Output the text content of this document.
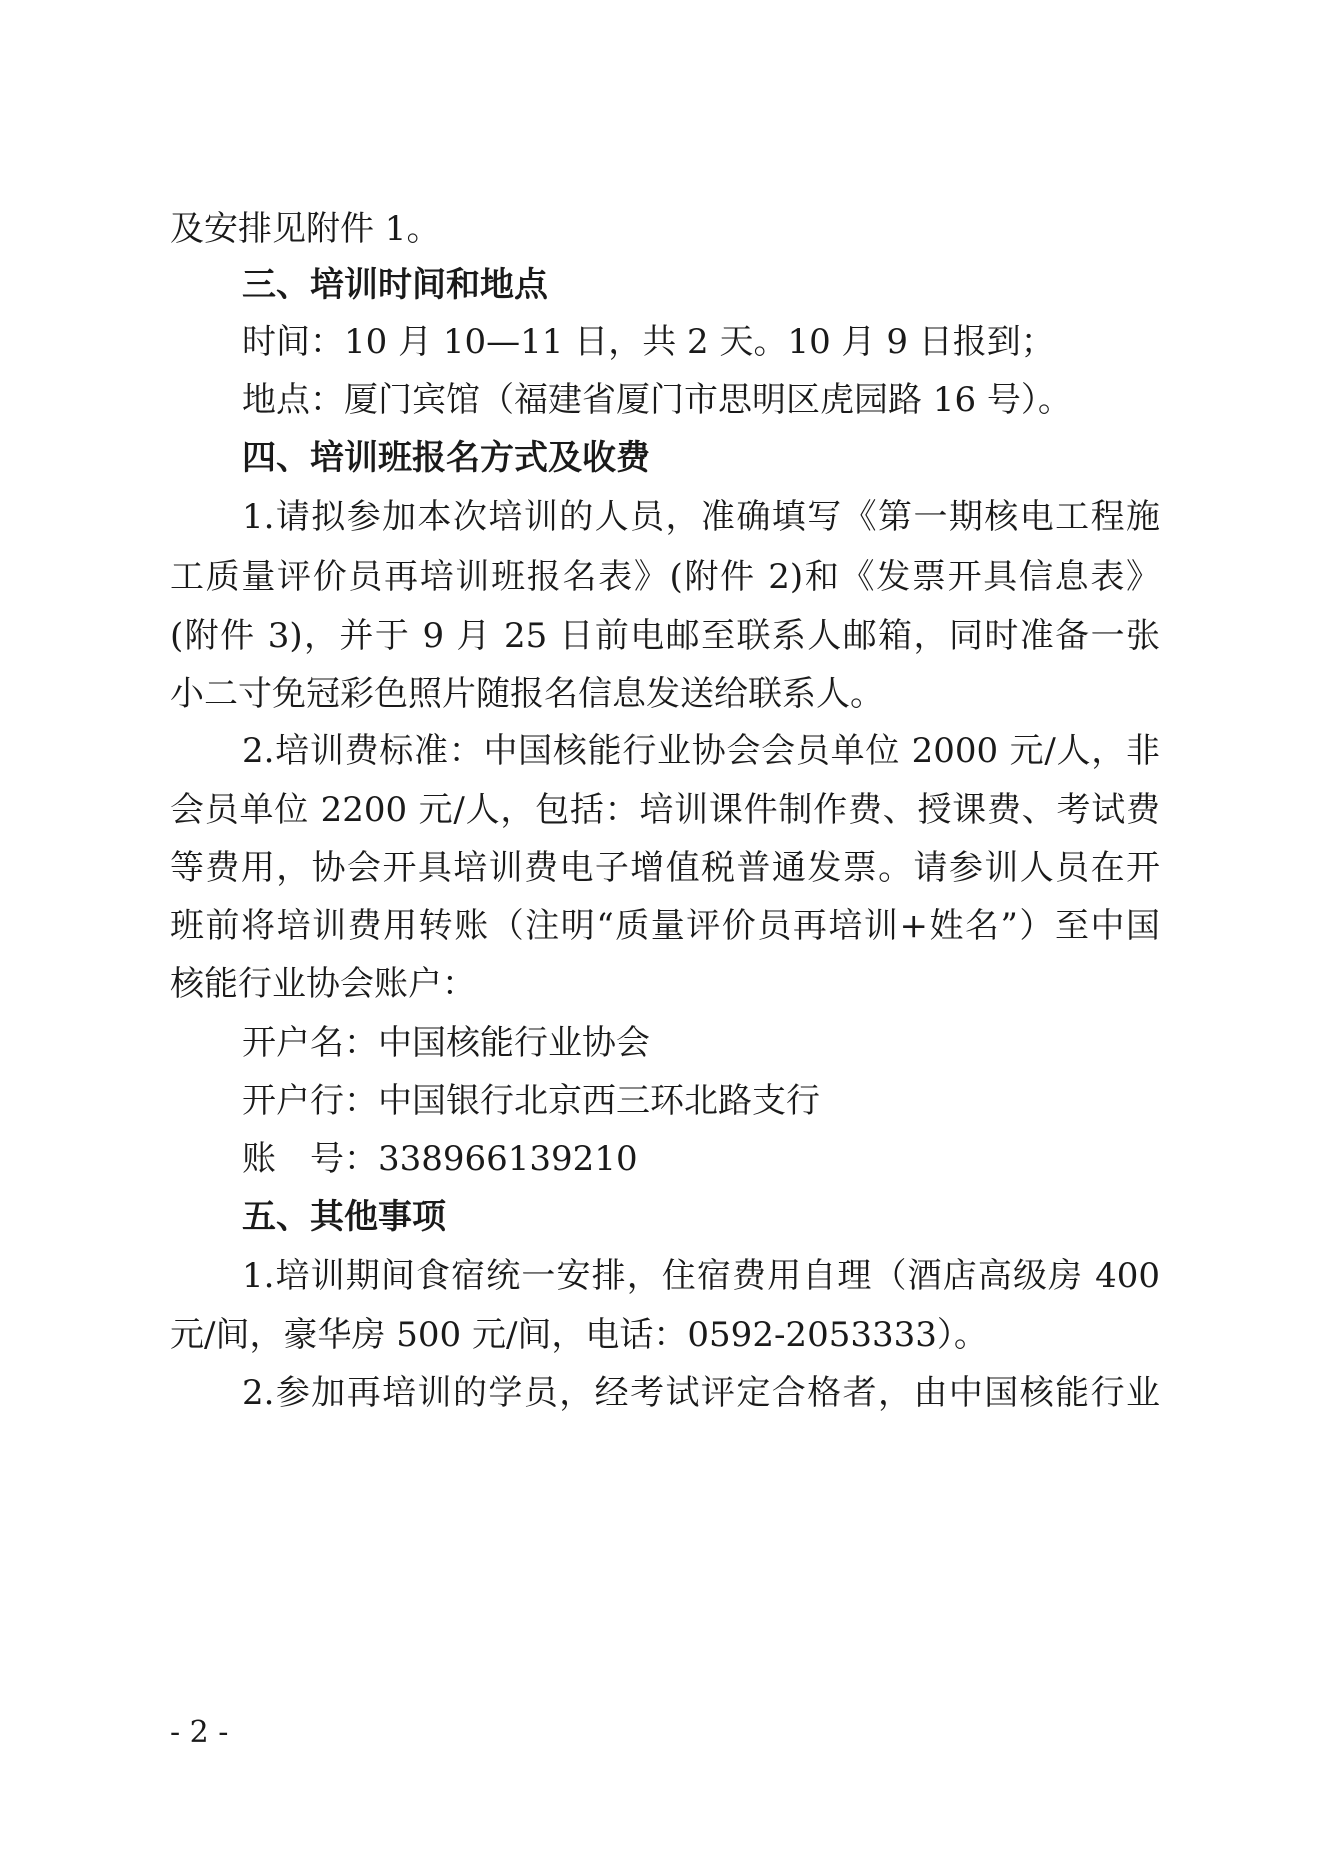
及安排见附件 1。
三、培训时间和地点
时间：10 月 10—11 日，共 2 天。10 月 9 日报到；
地点：厦门宾馆（福建省厦门市思明区虎园路 16 号）。
四、培训班报名方式及收费
1.请拟参加本次培训的人员，准确填写《第一期核电工程施
工质量评价员再培训班报名表》(附件 2)和《发票开具信息表》
(附件 3)，并于 9 月 25 日前电邮至联系人邮箱，同时准备一张
小二寸免冠彩色照片随报名信息发送给联系人。
2.培训费标准：中国核能行业协会会员单位 2000 元/人，非
会员单位 2200 元/人，包括：培训课件制作费、授课费、考试费
等费用，协会开具培训费电子增值税普通发票。请参训人员在开
班前将培训费用转账（注明“质量评价员再培训+姓名”）至中国
核能行业协会账户：
开户名：中国核能行业协会
开户行：中国银行北京西三环北路支行
账　号：338966139210
五、其他事项
1.培训期间食宿统一安排，住宿费用自理（酒店高级房 400
元/间，豪华房 500 元/间，电话：0592-2053333）。
2.参加再培训的学员，经考试评定合格者，由中国核能行业
- 2 -
